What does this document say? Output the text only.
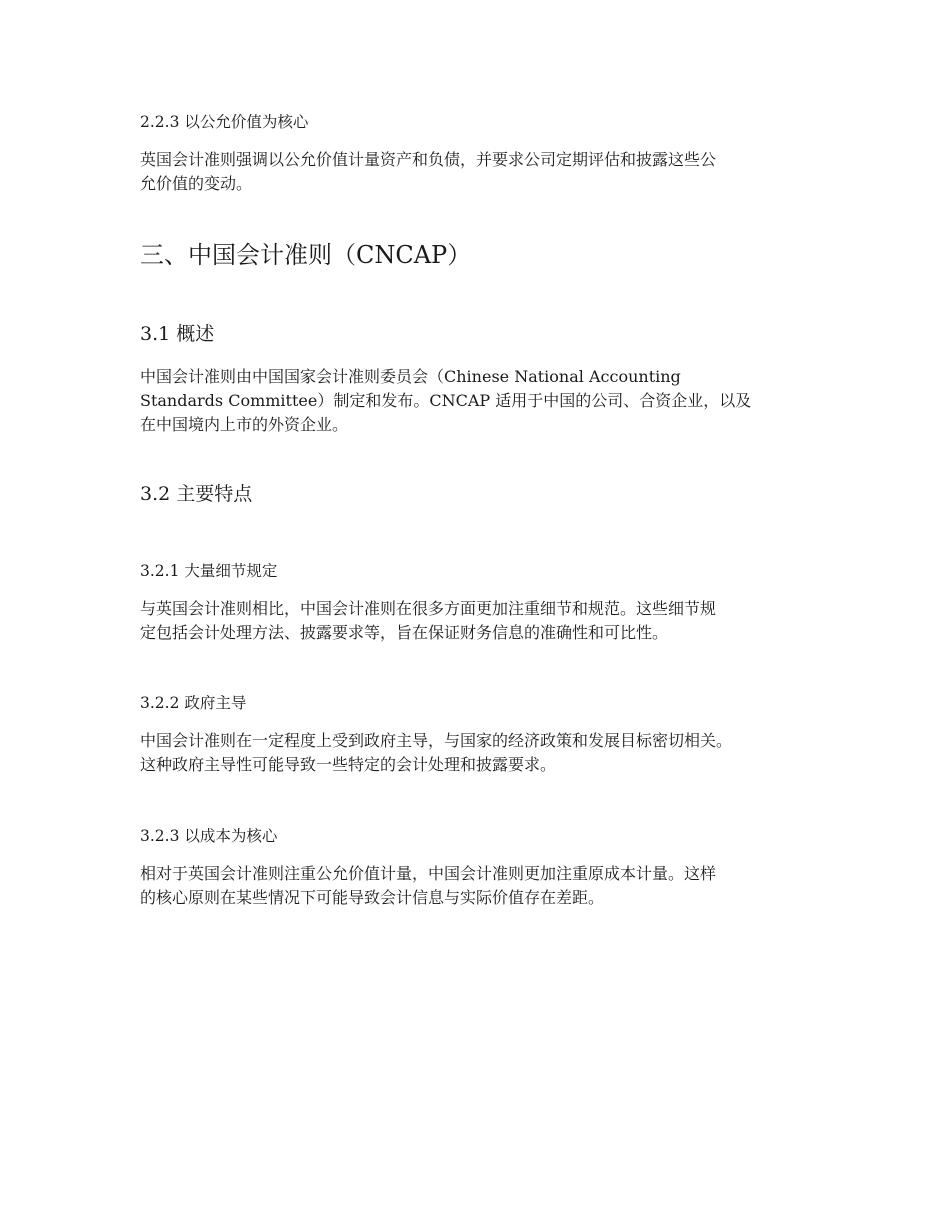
2.2.3 以公允价值为核心

英国会计准则强调以公允价值计量资产和负债，并要求公司定期评估和披露这些公
允价值的变动。

三、中国会计准则（CNCAP）
3.1 概述

中国会计准则由中国国家会计准则委员会（Chinese National Accounting
Standards Committee）制定和发布。CNCAP 适用于中国的公司、合资企业，以及
在中国境内上市的外资企业。

3.2 主要特点
3.2.1 大量细节规定

与英国会计准则相比，中国会计准则在很多方面更加注重细节和规范。这些细节规
定包括会计处理方法、披露要求等，旨在保证财务信息的准确性和可比性。

3.2.2 政府主导

中国会计准则在一定程度上受到政府主导，与国家的经济政策和发展目标密切相关。
这种政府主导性可能导致一些特定的会计处理和披露要求。

3.2.3 以成本为核心

相对于英国会计准则注重公允价值计量，中国会计准则更加注重原成本计量。这样
的核心原则在某些情况下可能导致会计信息与实际价值存在差距。
